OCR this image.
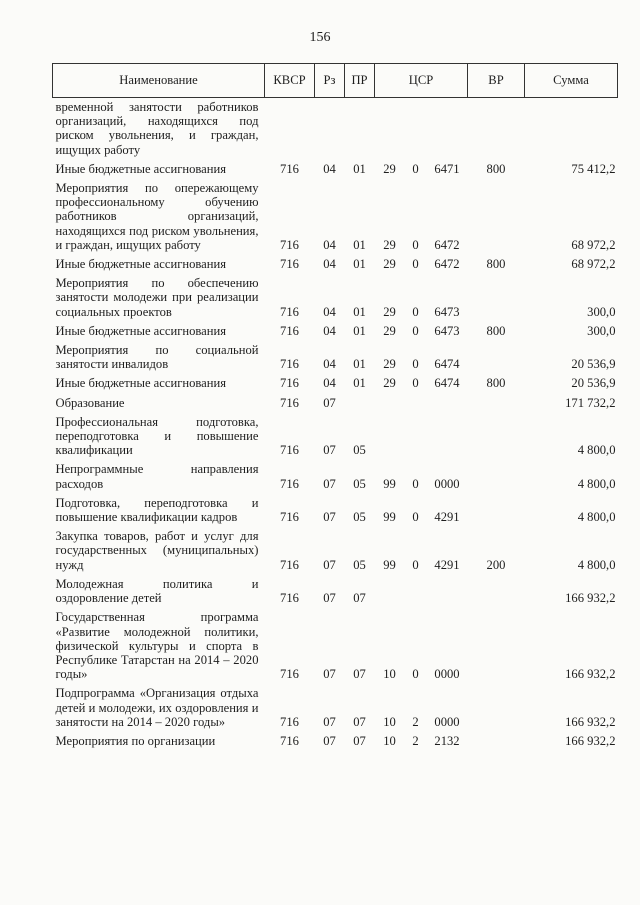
156
Наименование	КВСР	Рз	ПР	ЦСР			ВР	Сумма
временной занятости работников организаций, находящихся под риском увольнения, и граждан, ищущих работу								
Иные бюджетные ассигнования	716	04	01	29	0	6471	800	75 412,2
Мероприятия по опережающему профессиональному обучению работников организаций, находящихся под риском увольнения, и граждан, ищущих работу	716	04	01	29	0	6472		68 972,2
Иные бюджетные ассигнования	716	04	01	29	0	6472	800	68 972,2
Мероприятия по обеспечению занятости молодежи при реализации социальных проектов	716	04	01	29	0	6473		300,0
Иные бюджетные ассигнования	716	04	01	29	0	6473	800	300,0
Мероприятия по социальной занятости инвалидов	716	04	01	29	0	6474		20 536,9
Иные бюджетные ассигнования	716	04	01	29	0	6474	800	20 536,9
Образование	716	07						171 732,2
Профессиональная подготовка, переподготовка и повышение квалификации	716	07	05					4 800,0
Непрограммные направления расходов	716	07	05	99	0	0000		4 800,0
Подготовка, переподготовка и повышение квалификации кадров	716	07	05	99	0	4291		4 800,0
Закупка товаров, работ и услуг для государственных (муниципальных) нужд	716	07	05	99	0	4291	200	4 800,0
Молодежная политика и оздоровление детей	716	07	07					166 932,2
Государственная программа «Развитие молодежной политики, физической культуры и спорта в Республике Татарстан на 2014 – 2020 годы»	716	07	07	10	0	0000		166 932,2
Подпрограмма «Организация отдыха детей и молодежи, их оздоровления и занятости на 2014 – 2020 годы»	716	07	07	10	2	0000		166 932,2
Мероприятия по организации	716	07	07	10	2	2132		166 932,2
